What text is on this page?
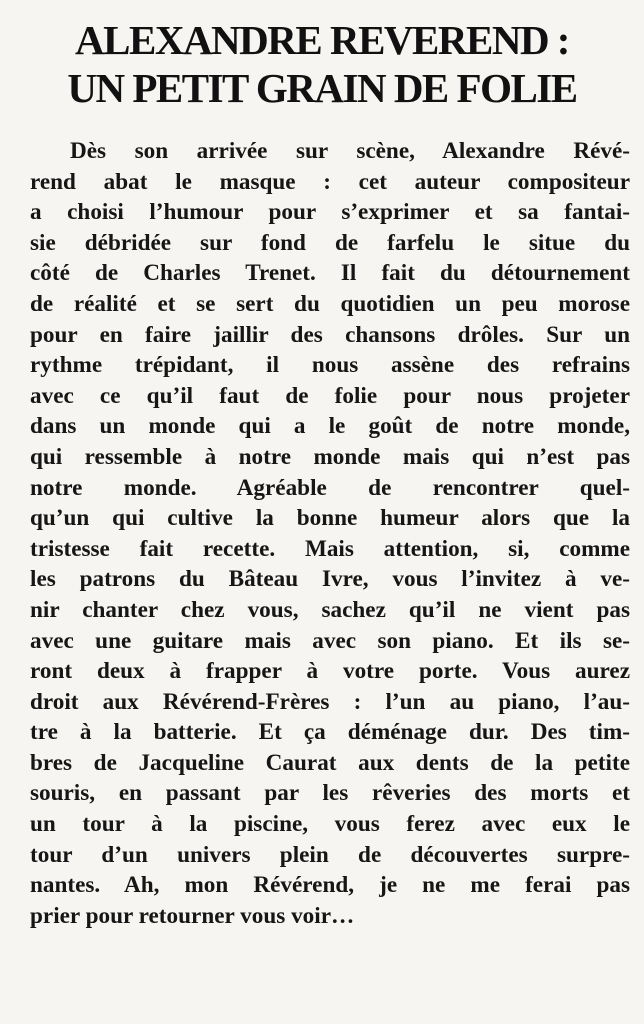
ALEXANDRE REVEREND :
UN PETIT GRAIN DE FOLIE
Dès son arrivée sur scène, Alexandre Révé-
rend abat le masque : cet auteur compositeur
a choisi l’humour pour s’exprimer et sa fantai-
sie débridée sur fond de farfelu le situe du
côté de Charles Trenet. Il fait du détournement
de réalité et se sert du quotidien un peu morose
pour en faire jaillir des chansons drôles. Sur un
rythme trépidant, il nous assène des refrains
avec ce qu’il faut de folie pour nous projeter
dans un monde qui a le goût de notre monde,
qui ressemble à notre monde mais qui n’est pas
notre monde. Agréable de rencontrer quel-
qu’un qui cultive la bonne humeur alors que la
tristesse fait recette. Mais attention, si, comme
les patrons du Bâteau Ivre, vous l’invitez à ve-
nir chanter chez vous, sachez qu’il ne vient pas
avec une guitare mais avec son piano. Et ils se-
ront deux à frapper à votre porte. Vous aurez
droit aux Révérend-Frères : l’un au piano, l’au-
tre à la batterie. Et ça déménage dur. Des tim-
bres de Jacqueline Caurat aux dents de la petite
souris, en passant par les rêveries des morts et
un tour à la piscine, vous ferez avec eux le
tour d’un univers plein de découvertes surpre-
nantes. Ah, mon Révérend, je ne me ferai pas
prier pour retourner vous voir…
